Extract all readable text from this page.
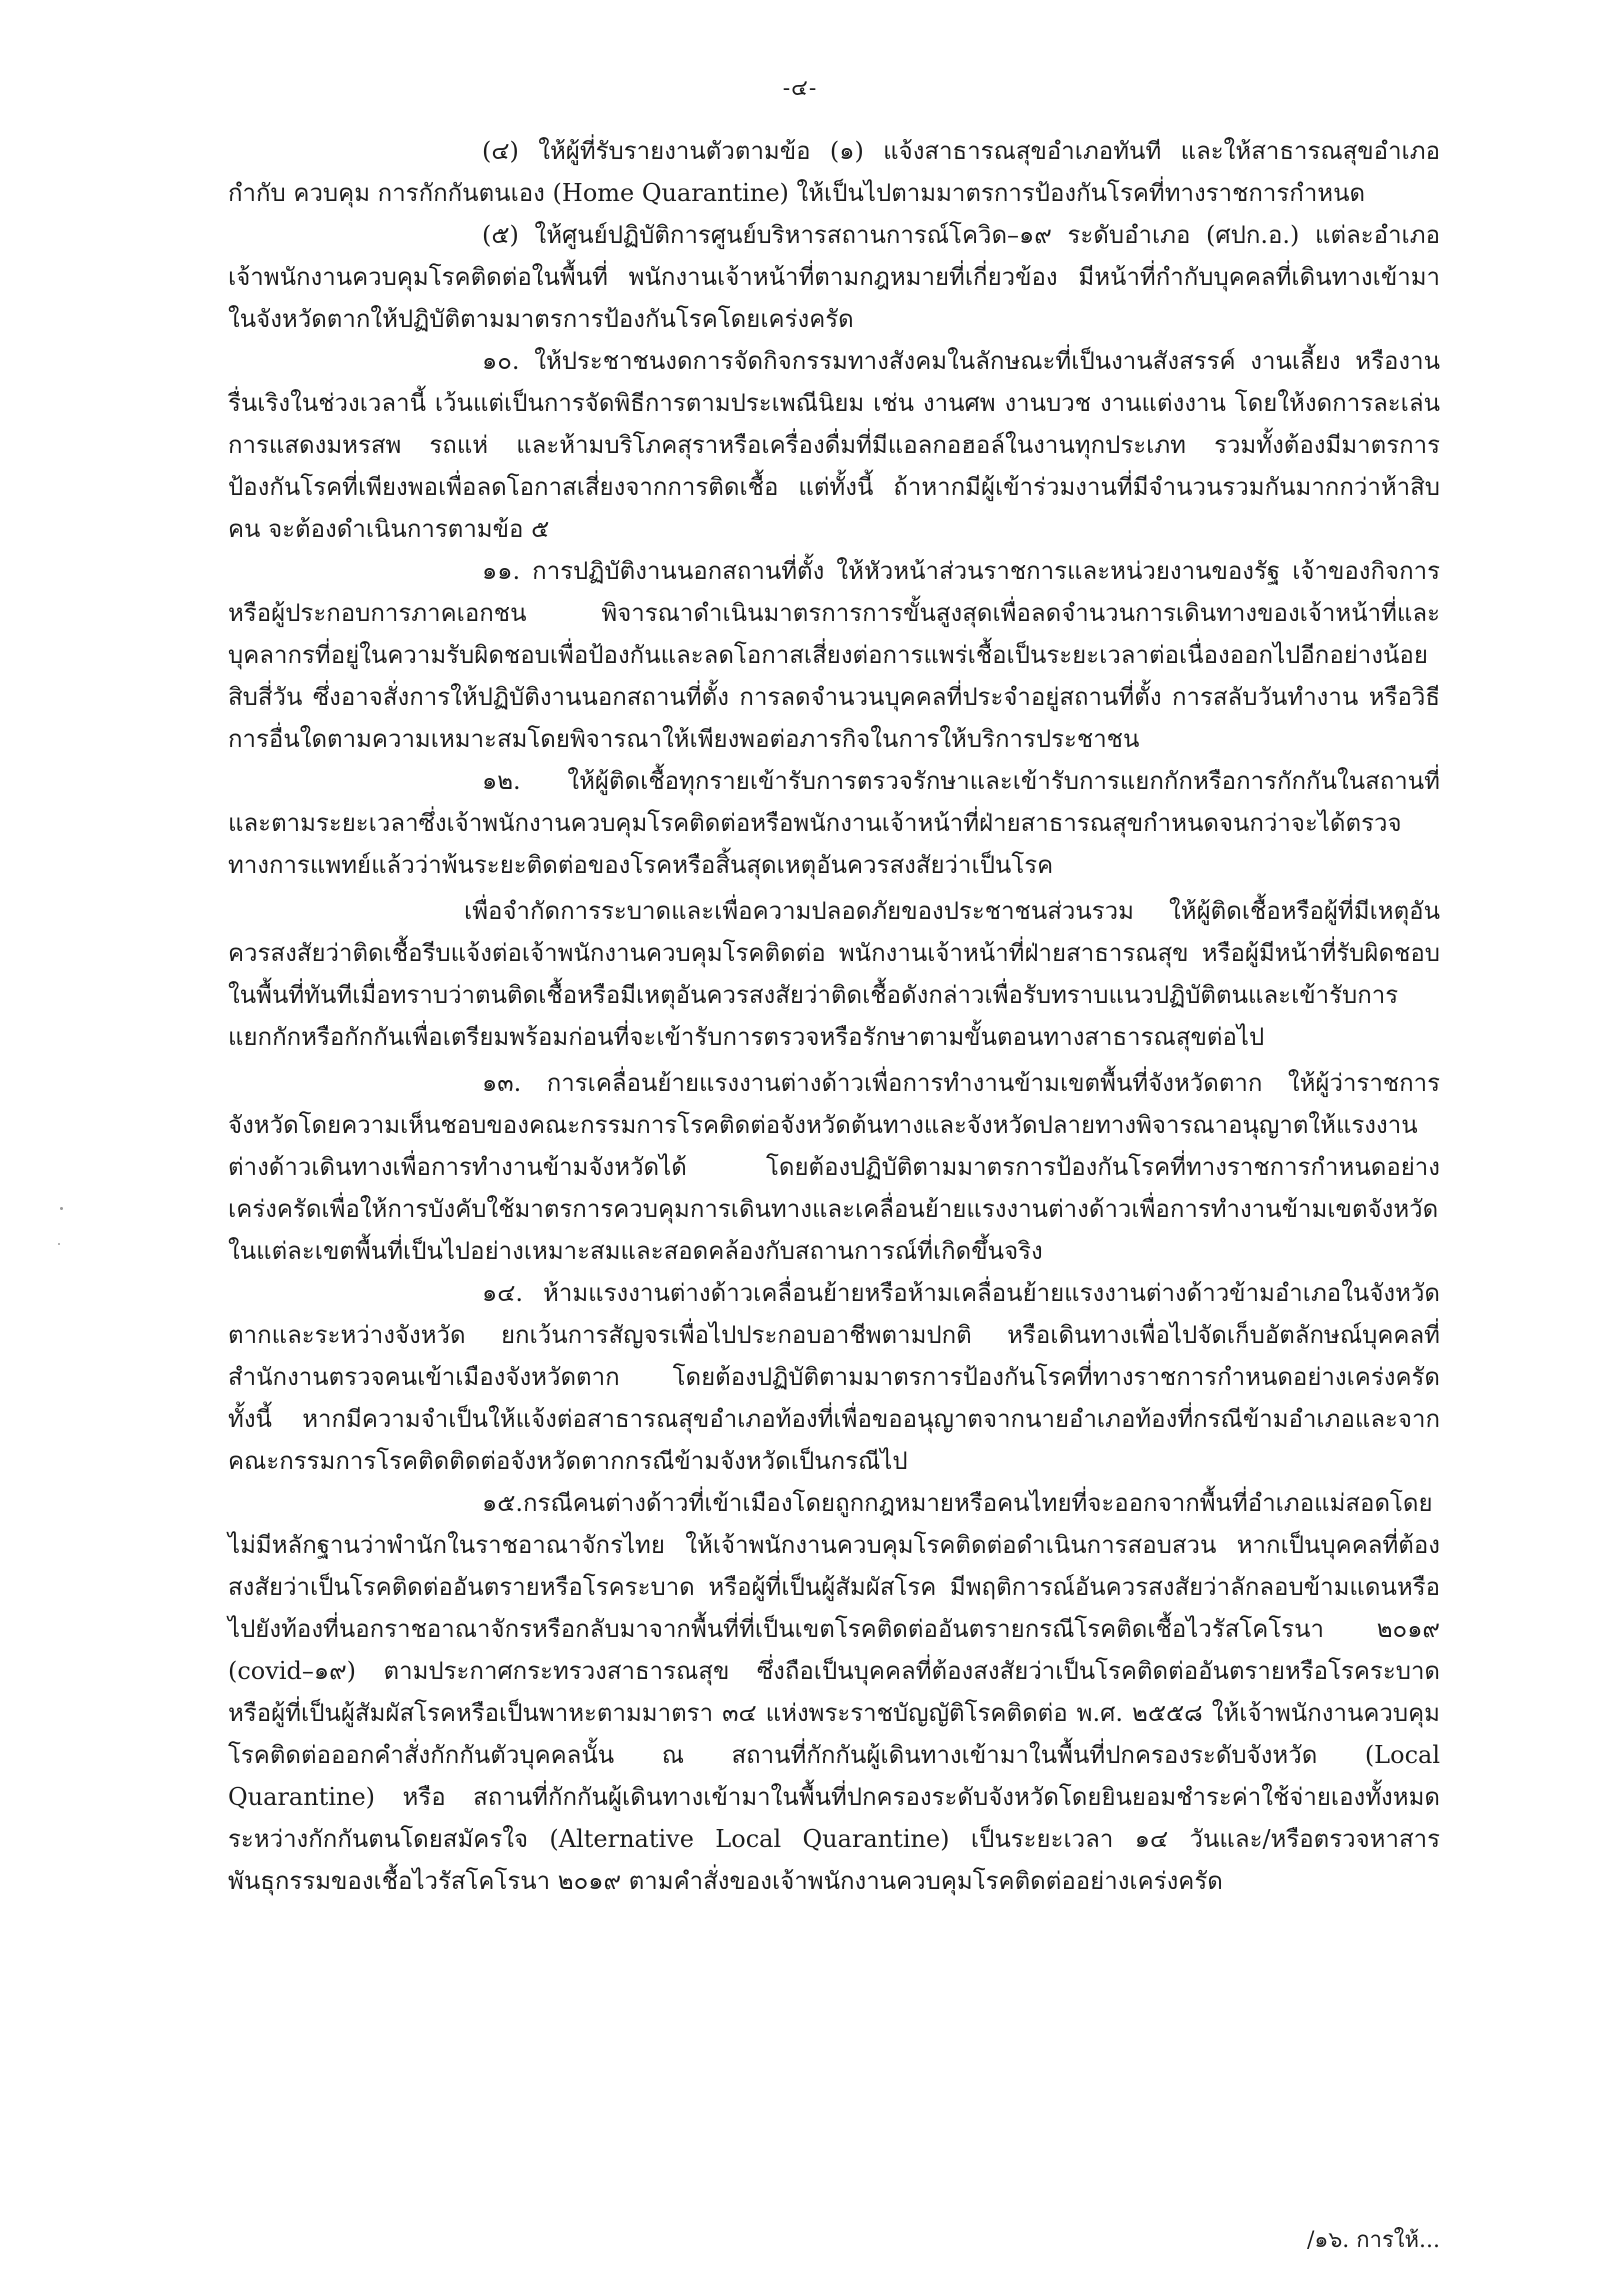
-๔-

(๔) ให้ผู้ที่รับรายงานตัวตามข้อ (๑) แจ้งสาธารณสุขอำเภอทันที และให้สาธารณสุขอำเภอกำกับ ควบคุม การกักกันตนเอง (Home Quarantine) ให้เป็นไปตามมาตรการป้องกันโรคที่ทางราชการกำหนด

(๕) ให้ศูนย์ปฏิบัติการศูนย์บริหารสถานการณ์โควิด–๑๙ ระดับอำเภอ (ศปก.อ.) แต่ละอำเภอเจ้าพนักงานควบคุมโรคติดต่อในพื้นที่ พนักงานเจ้าหน้าที่ตามกฎหมายที่เกี่ยวข้อง มีหน้าที่กำกับบุคคลที่เดินทางเข้ามาในจังหวัดตากให้ปฏิบัติตามมาตรการป้องกันโรคโดยเคร่งครัด

๑๐. ให้ประชาชนงดการจัดกิจกรรมทางสังคมในลักษณะที่เป็นงานสังสรรค์ งานเลี้ยง หรืองานรื่นเริงในช่วงเวลานี้ เว้นแต่เป็นการจัดพิธีการตามประเพณีนิยม เช่น งานศพ งานบวช งานแต่งงาน โดยให้งดการละเล่นการแสดงมหรสพ รถแห่ และห้ามบริโภคสุราหรือเครื่องดื่มที่มีแอลกอฮอล์ในงานทุกประเภท รวมทั้งต้องมีมาตรการป้องกันโรคที่เพียงพอเพื่อลดโอกาสเสี่ยงจากการติดเชื้อ แต่ทั้งนี้ ถ้าหากมีผู้เข้าร่วมงานที่มีจำนวนรวมกันมากกว่าห้าสิบคน จะต้องดำเนินการตามข้อ ๕

๑๑. การปฏิบัติงานนอกสถานที่ตั้ง ให้หัวหน้าส่วนราชการและหน่วยงานของรัฐ เจ้าของกิจการหรือผู้ประกอบการภาคเอกชน พิจารณาดำเนินมาตรการการขั้นสูงสุดเพื่อลดจำนวนการเดินทางของเจ้าหน้าที่และบุคลากรที่อยู่ในความรับผิดชอบเพื่อป้องกันและลดโอกาสเสี่ยงต่อการแพร่เชื้อเป็นระยะเวลาต่อเนื่องออกไปอีกอย่างน้อยสิบสี่วัน ซึ่งอาจสั่งการให้ปฏิบัติงานนอกสถานที่ตั้ง การลดจำนวนบุคคลที่ประจำอยู่สถานที่ตั้ง การสลับวันทำงาน หรือวิธีการอื่นใดตามความเหมาะสมโดยพิจารณาให้เพียงพอต่อภารกิจในการให้บริการประชาชน

๑๒. ให้ผู้ติดเชื้อทุกรายเข้ารับการตรวจรักษาและเข้ารับการแยกกักหรือการกักกันในสถานที่และตามระยะเวลาซึ่งเจ้าพนักงานควบคุมโรคติดต่อหรือพนักงานเจ้าหน้าที่ฝ่ายสาธารณสุขกำหนดจนกว่าจะได้ตรวจทางการแพทย์แล้วว่าพ้นระยะติดต่อของโรคหรือสิ้นสุดเหตุอันควรสงสัยว่าเป็นโรค

เพื่อจำกัดการระบาดและเพื่อความปลอดภัยของประชาชนส่วนรวม ให้ผู้ติดเชื้อหรือผู้ที่มีเหตุอันควรสงสัยว่าติดเชื้อรีบแจ้งต่อเจ้าพนักงานควบคุมโรคติดต่อ พนักงานเจ้าหน้าที่ฝ่ายสาธารณสุข หรือผู้มีหน้าที่รับผิดชอบในพื้นที่ทันทีเมื่อทราบว่าตนติดเชื้อหรือมีเหตุอันควรสงสัยว่าติดเชื้อดังกล่าวเพื่อรับทราบแนวปฏิบัติตนและเข้ารับการแยกกักหรือกักกันเพื่อเตรียมพร้อมก่อนที่จะเข้ารับการตรวจหรือรักษาตามขั้นตอนทางสาธารณสุขต่อไป

๑๓. การเคลื่อนย้ายแรงงานต่างด้าวเพื่อการทำงานข้ามเขตพื้นที่จังหวัดตาก ให้ผู้ว่าราชการจังหวัดโดยความเห็นชอบของคณะกรรมการโรคติดต่อจังหวัดต้นทางและจังหวัดปลายทางพิจารณาอนุญาตให้แรงงานต่างด้าวเดินทางเพื่อการทำงานข้ามจังหวัดได้ โดยต้องปฏิบัติตามมาตรการป้องกันโรคที่ทางราชการกำหนดอย่างเคร่งครัดเพื่อให้การบังคับใช้มาตรการควบคุมการเดินทางและเคลื่อนย้ายแรงงานต่างด้าวเพื่อการทำงานข้ามเขตจังหวัดในแต่ละเขตพื้นที่เป็นไปอย่างเหมาะสมและสอดคล้องกับสถานการณ์ที่เกิดขึ้นจริง

๑๔. ห้ามแรงงานต่างด้าวเคลื่อนย้ายหรือห้ามเคลื่อนย้ายแรงงานต่างด้าวข้ามอำเภอในจังหวัดตากและระหว่างจังหวัด ยกเว้นการสัญจรเพื่อไปประกอบอาชีพตามปกติ หรือเดินทางเพื่อไปจัดเก็บอัตลักษณ์บุคคลที่สำนักงานตรวจคนเข้าเมืองจังหวัดตาก โดยต้องปฏิบัติตามมาตรการป้องกันโรคที่ทางราชการกำหนดอย่างเคร่งครัด ทั้งนี้ หากมีความจำเป็นให้แจ้งต่อสาธารณสุขอำเภอท้องที่เพื่อขออนุญาตจากนายอำเภอท้องที่กรณีข้ามอำเภอและจากคณะกรรมการโรคติดติดต่อจังหวัดตากกรณีข้ามจังหวัดเป็นกรณีไป

๑๕.กรณีคนต่างด้าวที่เข้าเมืองโดยถูกกฎหมายหรือคนไทยที่จะออกจากพื้นที่อำเภอแม่สอดโดยไม่มีหลักฐานว่าพำนักในราชอาณาจักรไทย ให้เจ้าพนักงานควบคุมโรคติดต่อดำเนินการสอบสวน หากเป็นบุคคลที่ต้องสงสัยว่าเป็นโรคติดต่ออันตรายหรือโรคระบาด หรือผู้ที่เป็นผู้สัมผัสโรค มีพฤติการณ์อันควรสงสัยว่าลักลอบข้ามแดนหรือไปยังท้องที่นอกราชอาณาจักรหรือกลับมาจากพื้นที่ที่เป็นเขตโรคติดต่ออันตรายกรณีโรคติดเชื้อไวรัสโคโรนา ๒๐๑๙ (covid–๑๙) ตามประกาศกระทรวงสาธารณสุข ซึ่งถือเป็นบุคคลที่ต้องสงสัยว่าเป็นโรคติดต่ออันตรายหรือโรคระบาด หรือผู้ที่เป็นผู้สัมผัสโรคหรือเป็นพาหะตามมาตรา ๓๔ แห่งพระราชบัญญัติโรคติดต่อ พ.ศ. ๒๕๕๘ ให้เจ้าพนักงานควบคุมโรคติดต่อออกคำสั่งกักกันตัวบุคคลนั้น ณ สถานที่กักกันผู้เดินทางเข้ามาในพื้นที่ปกครองระดับจังหวัด (Local Quarantine) หรือ สถานที่กักกันผู้เดินทางเข้ามาในพื้นที่ปกครองระดับจังหวัดโดยยินยอมชำระค่าใช้จ่ายเองทั้งหมดระหว่างกักกันตนโดยสมัครใจ (Alternative Local Quarantine) เป็นระยะเวลา ๑๔ วันและ/หรือตรวจหาสารพันธุกรรมของเชื้อไวรัสโคโรนา ๒๐๑๙ ตามคำสั่งของเจ้าพนักงานควบคุมโรคติดต่ออย่างเคร่งครัด

/๑๖. การให้...
